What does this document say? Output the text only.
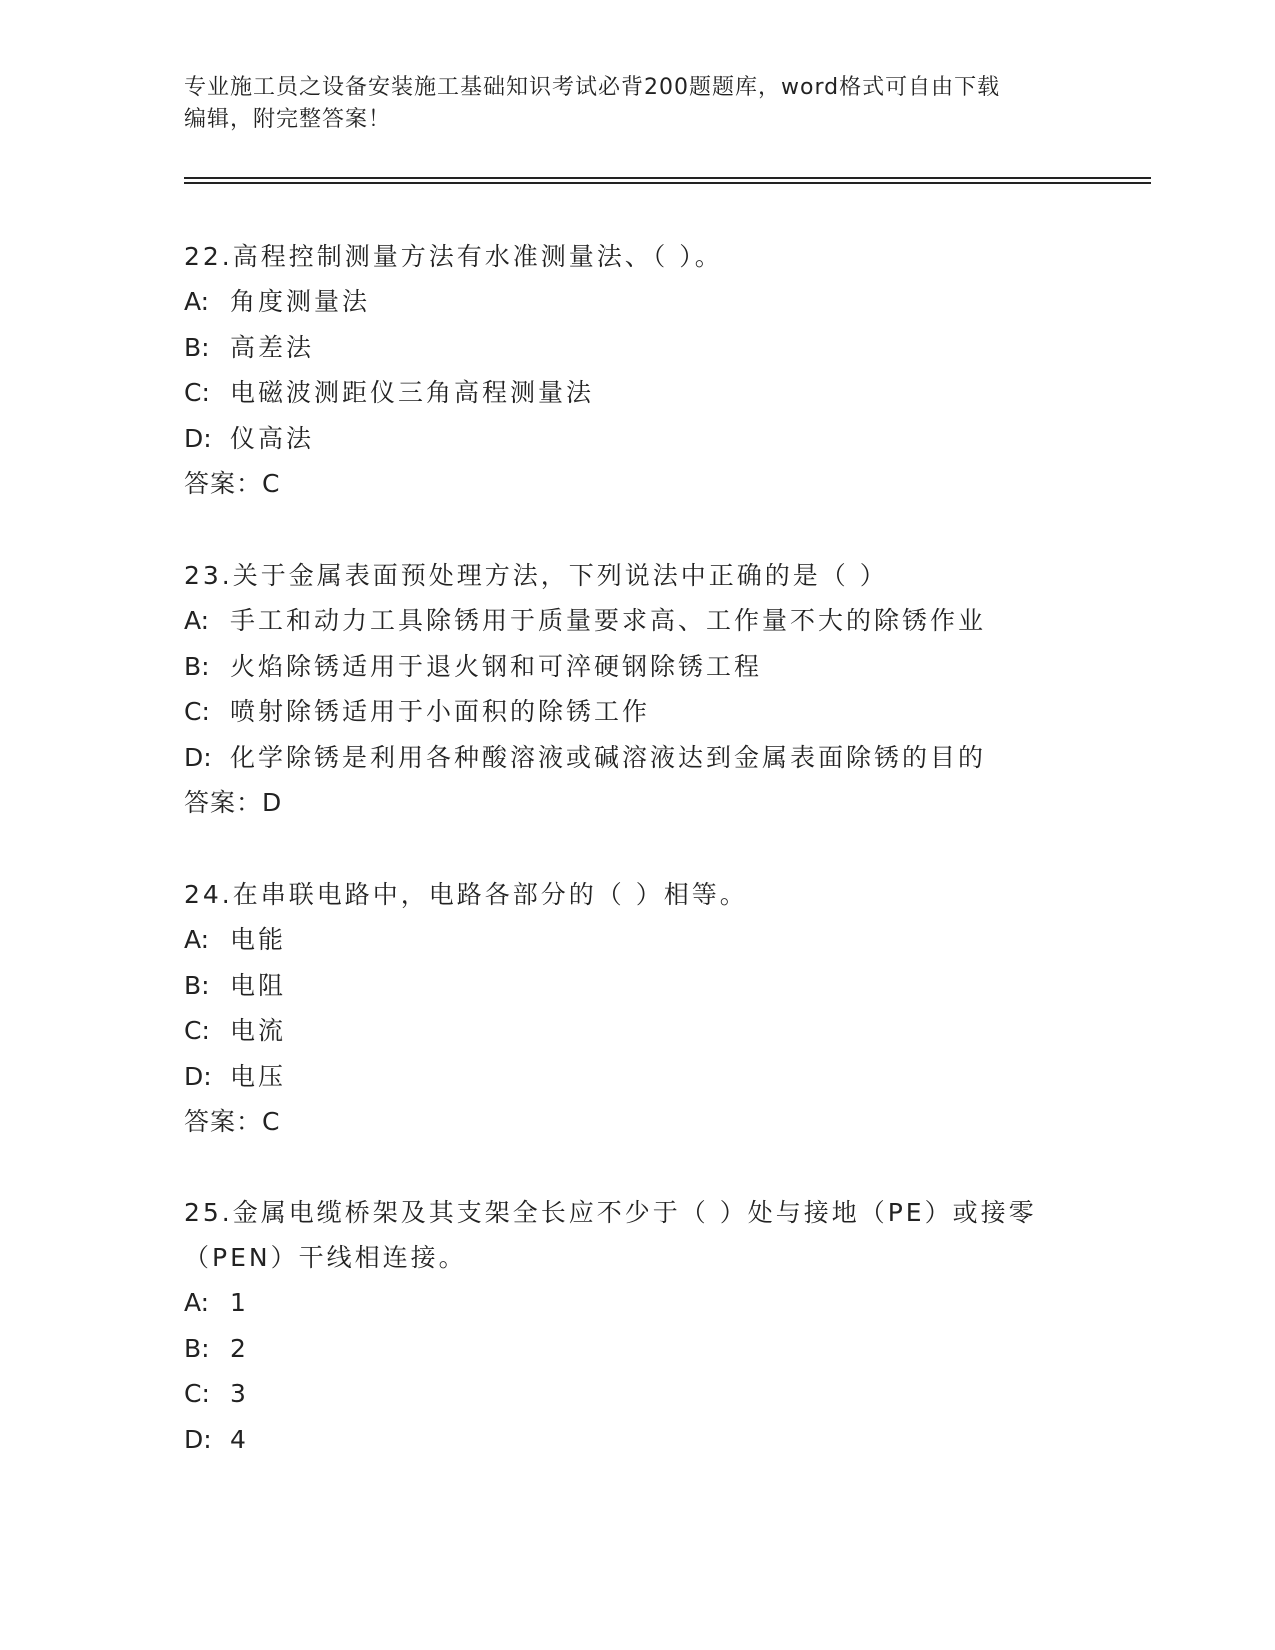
专业施工员之设备安装施工基础知识考试必背200题题库，word格式可自由下载
编辑，附完整答案！
22.高程控制测量方法有水准测量法、（ ）。
A: 角度测量法
B: 高差法
C: 电磁波测距仪三角高程测量法
D: 仪高法
答案：C
23.关于金属表面预处理方法，下列说法中正确的是（ ）
A: 手工和动力工具除锈用于质量要求高、工作量不大的除锈作业
B: 火焰除锈适用于退火钢和可淬硬钢除锈工程
C: 喷射除锈适用于小面积的除锈工作
D: 化学除锈是利用各种酸溶液或碱溶液达到金属表面除锈的目的
答案：D
24.在串联电路中，电路各部分的（ ）相等。
A: 电能
B: 电阻
C: 电流
D: 电压
答案：C
25.金属电缆桥架及其支架全长应不少于（ ）处与接地（PE）或接零
（PEN）干线相连接。
A: 1
B: 2
C: 3
D: 4
